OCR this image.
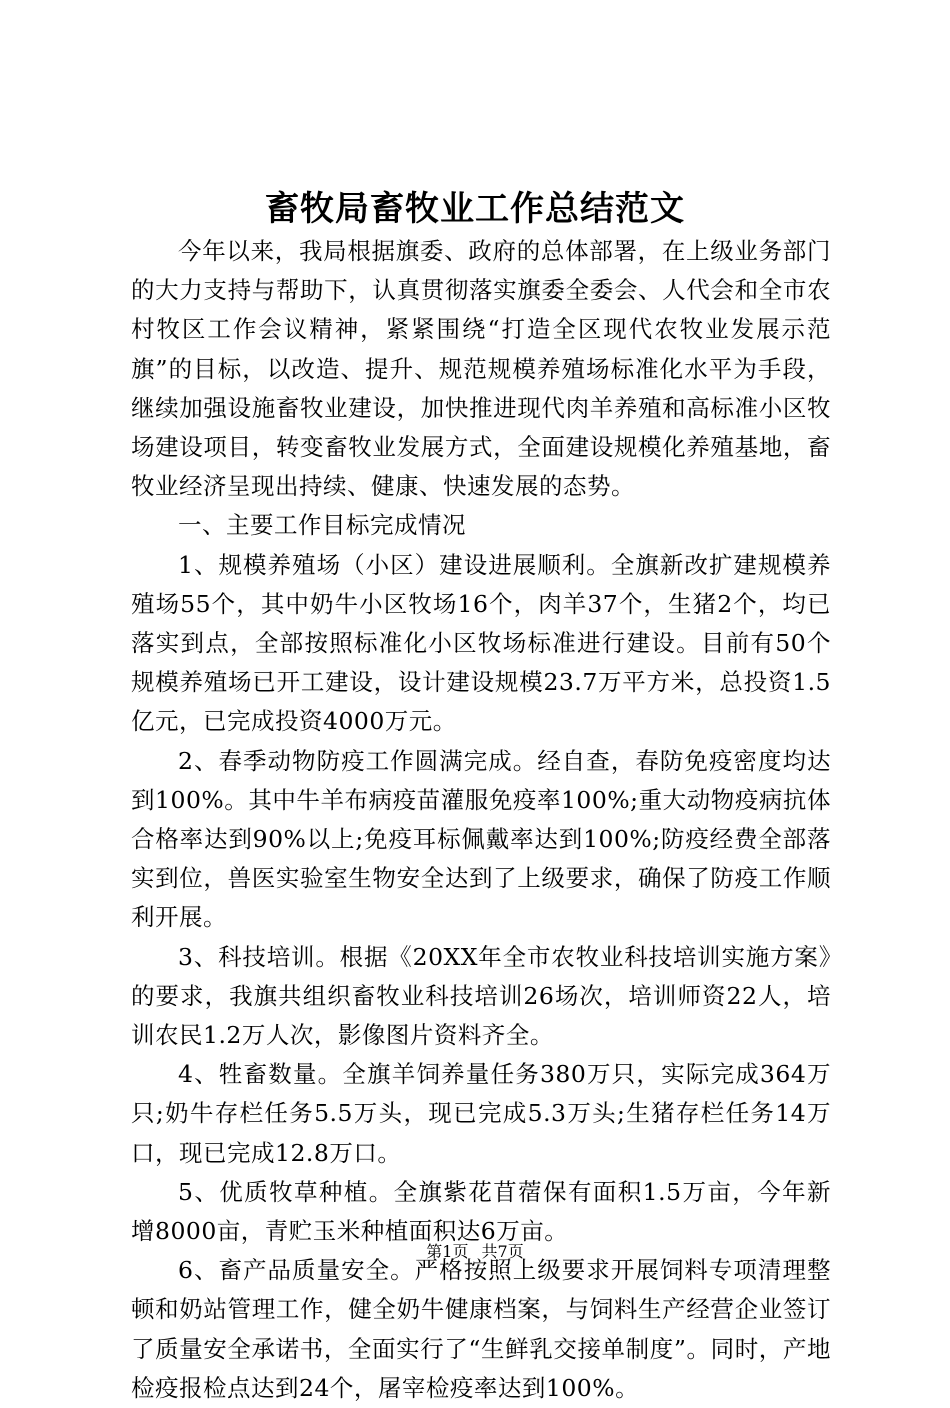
畜牧局畜牧业工作总结范文

今年以来，我局根据旗委、政府的总体部署，在上级业务部门的大力支持与帮助下，认真贯彻落实旗委全委会、人代会和全市农村牧区工作会议精神，紧紧围绕“打造全区现代农牧业发展示范旗”的目标，以改造、提升、规范规模养殖场标准化水平为手段，继续加强设施畜牧业建设，加快推进现代肉羊养殖和高标准小区牧场建设项目，转变畜牧业发展方式，全面建设规模化养殖基地，畜牧业经济呈现出持续、健康、快速发展的态势。

一、主要工作目标完成情况

1、规模养殖场（小区）建设进展顺利。全旗新改扩建规模养殖场55个，其中奶牛小区牧场16个，肉羊37个，生猪2个，均已落实到点，全部按照标准化小区牧场标准进行建设。目前有50个规模养殖场已开工建设，设计建设规模23.7万平方米，总投资1.5亿元，已完成投资4000万元。

2、春季动物防疫工作圆满完成。经自查，春防免疫密度均达到100%。其中牛羊布病疫苗灌服免疫率100%;重大动物疫病抗体合格率达到90%以上;免疫耳标佩戴率达到100%;防疫经费全部落实到位，兽医实验室生物安全达到了上级要求，确保了防疫工作顺利开展。

3、科技培训。根据《20XX年全市农牧业科技培训实施方案》的要求，我旗共组织畜牧业科技培训26场次，培训师资22人，培训农民1.2万人次，影像图片资料齐全。

4、牲畜数量。全旗羊饲养量任务380万只，实际完成364万只;奶牛存栏任务5.5万头，现已完成5.3万头;生猪存栏任务14万口，现已完成12.8万口。

5、优质牧草种植。全旗紫花苜蓿保有面积1.5万亩，今年新增8000亩，青贮玉米种植面积达6万亩。

6、畜产品质量安全。严格按照上级要求开展饲料专项清理整顿和奶站管理工作，健全奶牛健康档案，与饲料生产经营企业签订了质量安全承诺书，全面实行了“生鲜乳交接单制度”。同时，产地检疫报检点达到24个，屠宰检疫率达到100%。

第1页 共7页
